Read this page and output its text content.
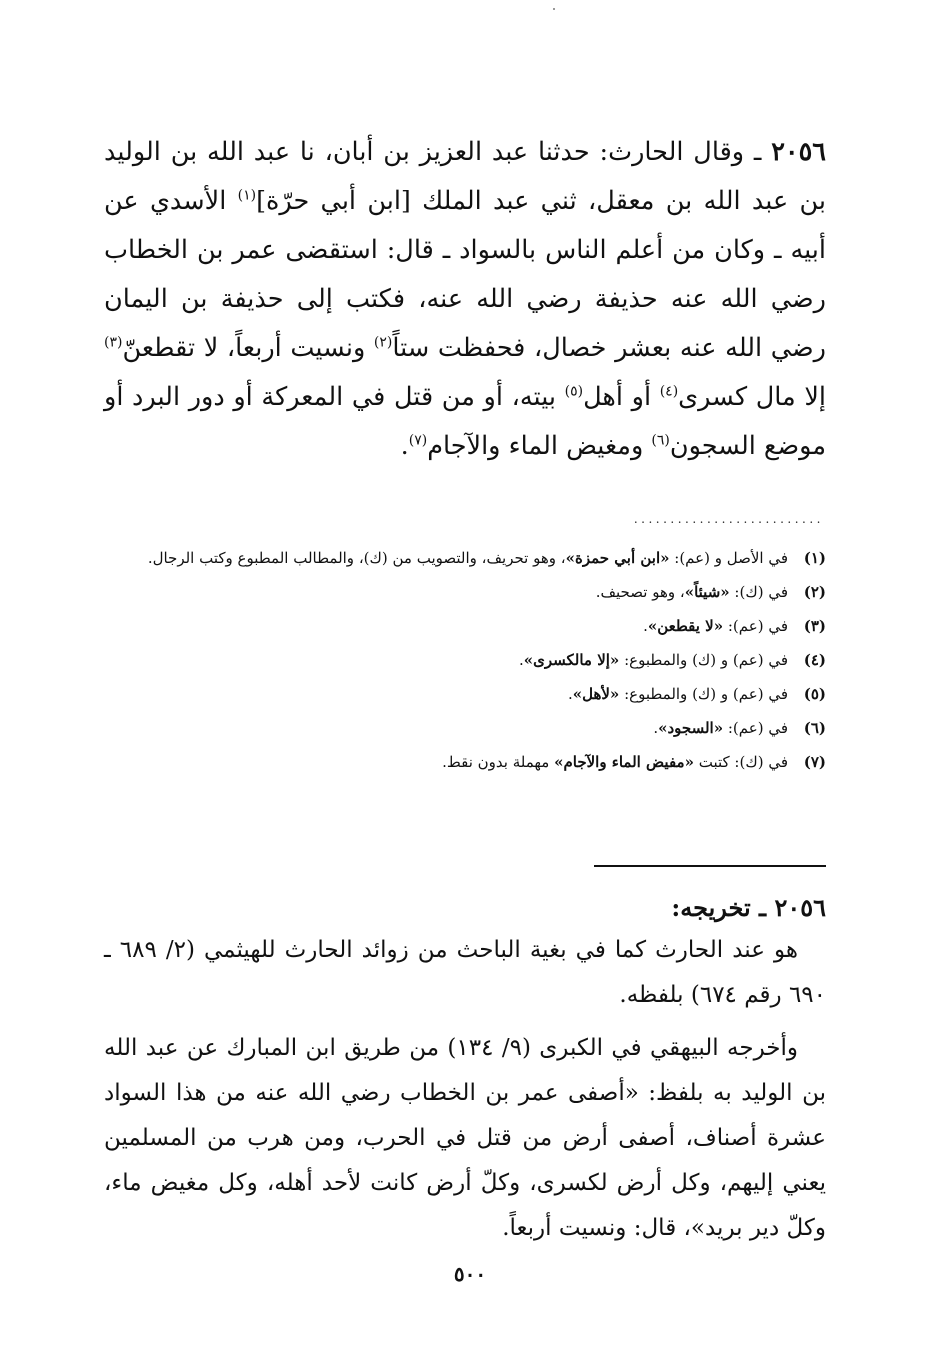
٢٠٥٦ ـ وقال الحارث: حدثنا عبد العزيز بن أبان، نا عبد الله بن الوليد بن عبد الله بن معقل، ثني عبد الملك [ابن أبي حرّة]$^{(١)}$ الأسدي عن أبيه ـ وكان من أعلم الناس بالسواد ـ قال: استقضى عمر بن الخطاب رضي الله عنه حذيفة رضي الله عنه، فكتب إلى حذيفة بن اليمان رضي الله عنه بعشر خصال، فحفظت ستاً$^{(٢)}$ ونسيت أربعاً، لا تقطعنّ$^{(٣)}$ إلا مال كسرى$^{(٤)}$ أو أهل$^{(٥)}$ بيته، أو من قتل في المعركة أو دور البرد أو موضع السجون$^{(٦)}$ ومغيض الماء والآجام$^{(٧)}$.

..........................
(١)
في الأصل و (عم): «ابن أبي حمزة»، وهو تحريف، والتصويب من (ك)، والمطالب المطبوع وكتب الرجال.
(٢)
في (ك): «شيئاً»، وهو تصحيف.
(٣)
في (عم): «لا يقطعن».
(٤)
في (عم) و (ك) والمطبوع: «إلا مالكسرى».
(٥)
في (عم) و (ك) والمطبوع: «لأهل».
(٦)
في (عم): «السجود».
(٧)
في (ك): كتبت «مفيض الماء والآجام» مهملة بدون نقط.
٢٠٥٦ ـ تخريجه:

هو عند الحارث كما في بغية الباحث من زوائد الحارث للهيثمي (٢/ ٦٨٩ ـ ٦٩٠ رقم ٦٧٤) بلفظه.

وأخرجه البيهقي في الكبرى (٩/ ١٣٤) من طريق ابن المبارك عن عبد الله بن الوليد به بلفظ: «أصفى عمر بن الخطاب رضي الله عنه من هذا السواد عشرة أصناف، أصفى أرض من قتل في الحرب، ومن هرب من المسلمين يعني إليهم، وكل أرض لكسرى، وكلّ أرض كانت لأحد أهله، وكل مغيض ماء، وكلّ دير بريد»، قال: ونسيت أربعاً.

٥٠٠
